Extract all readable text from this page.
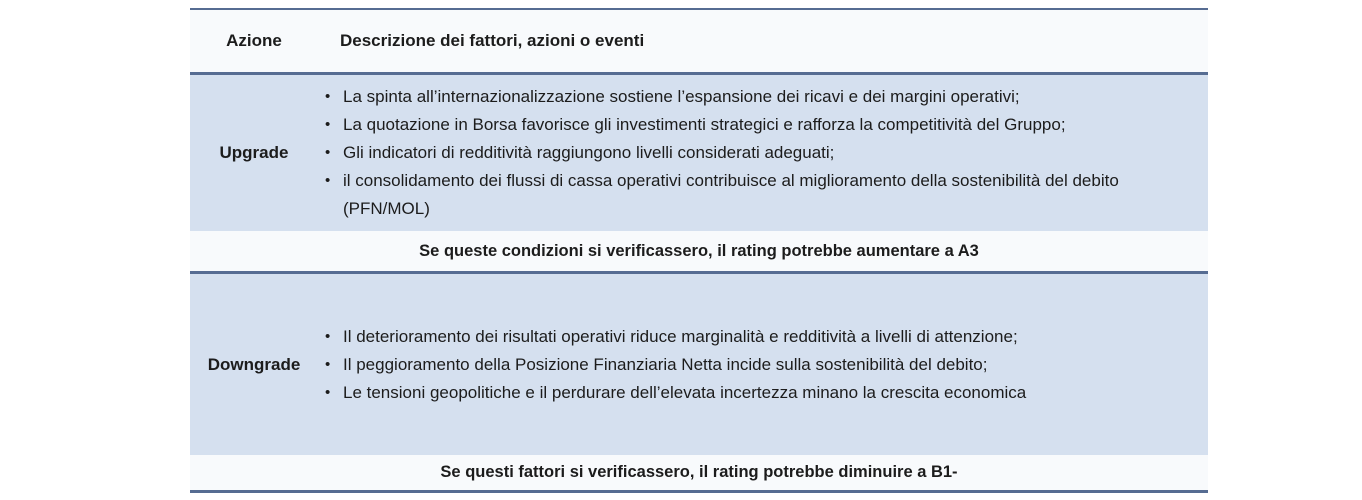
Azione	Descrizione dei fattori, azioni o eventi
Upgrade
• La spinta all’internazionalizzazione sostiene l’espansione dei ricavi e dei margini operativi;
• La quotazione in Borsa favorisce gli investimenti strategici e rafforza la competitività del Gruppo;
• Gli indicatori di redditività raggiungono livelli considerati adeguati;
• il consolidamento dei flussi di cassa operativi contribuisce al miglioramento della sostenibilità del debito (PFN/MOL)
Se queste condizioni si verificassero, il rating potrebbe aumentare a A3
Downgrade
• Il deterioramento dei risultati operativi riduce marginalità e redditività a livelli di attenzione;
• Il peggioramento della Posizione Finanziaria Netta incide sulla sostenibilità del debito;
• Le tensioni geopolitiche e il perdurare dell’elevata incertezza minano la crescita economica
Se questi fattori si verificassero, il rating potrebbe diminuire a B1-
